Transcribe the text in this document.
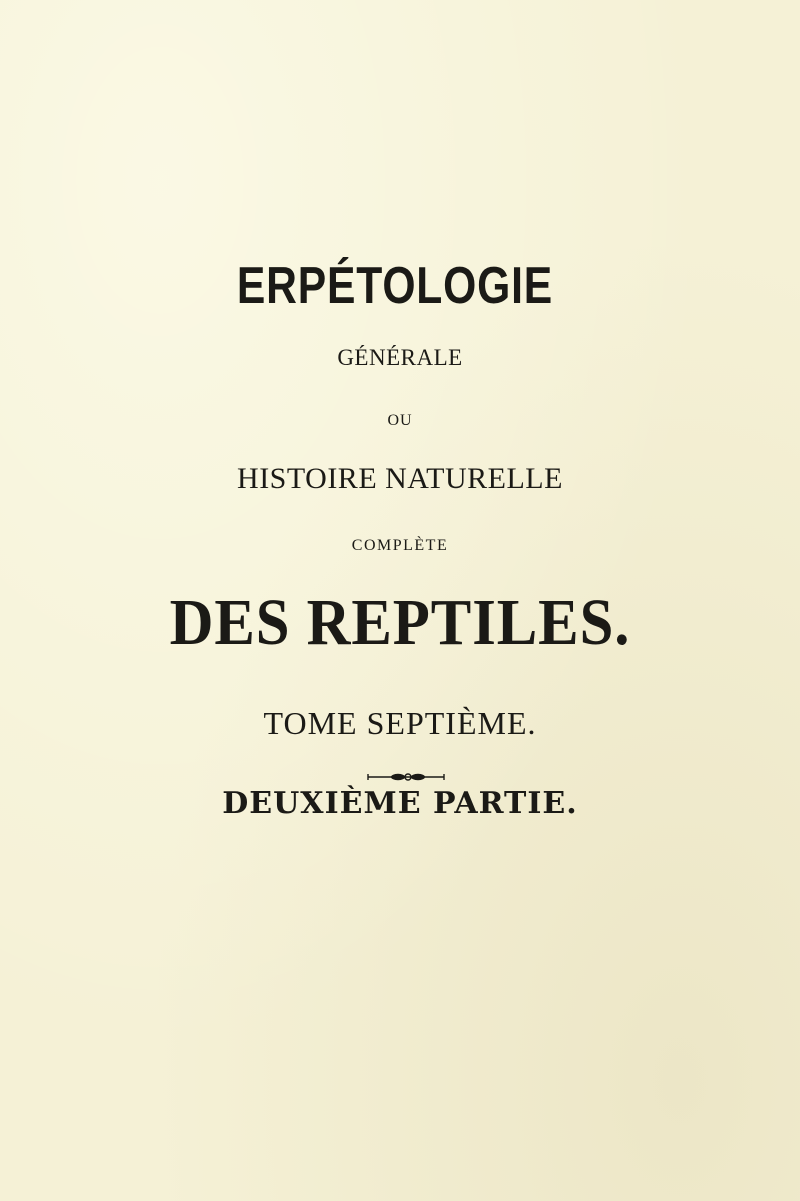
ERPÉTOLOGIE
GÉNÉRALE
OU
HISTOIRE NATURELLE
COMPLÈTE
DES REPTILES.
TOME SEPTIÈME.
DEUXIÈME PARTIE.
